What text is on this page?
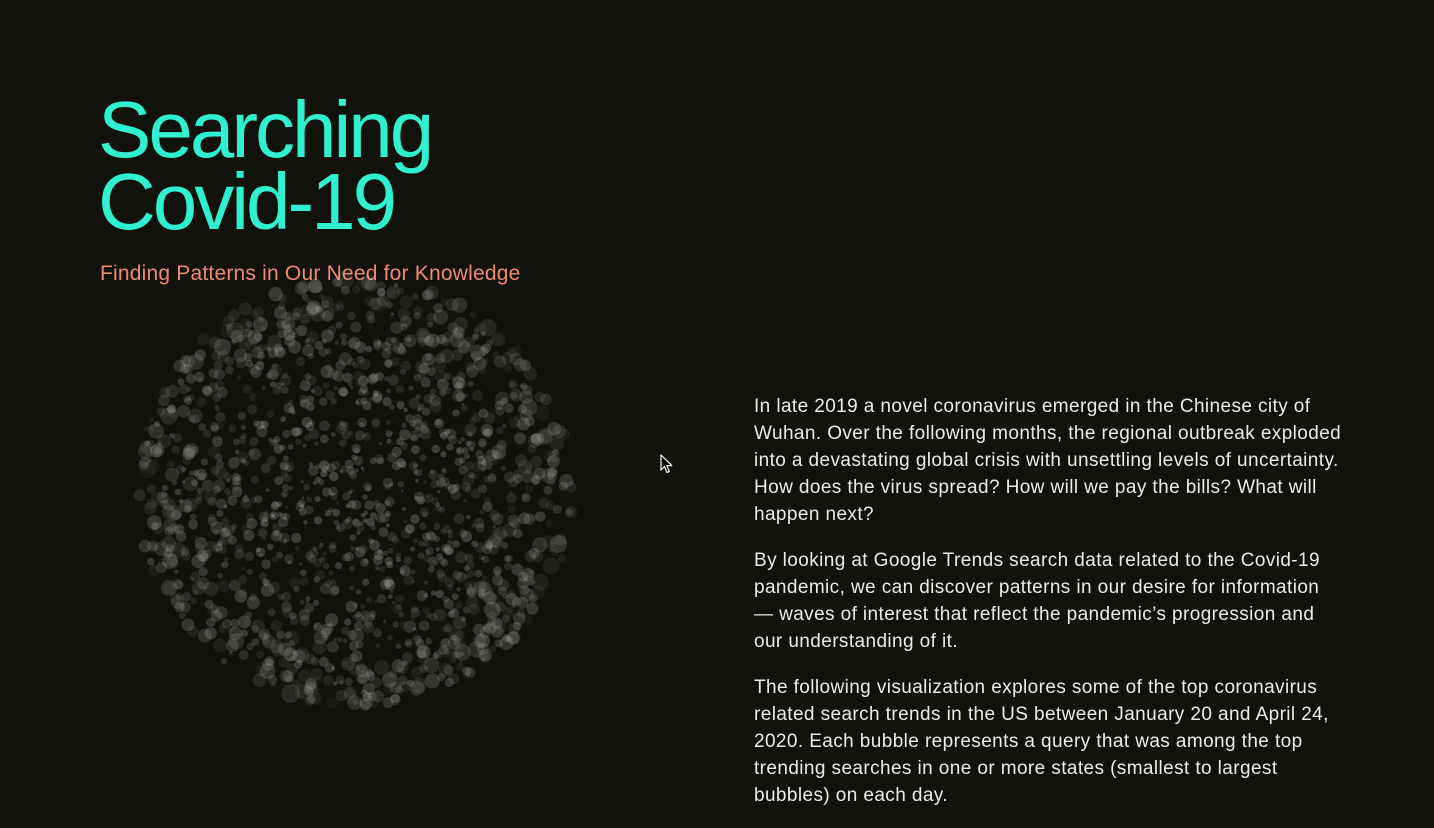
Searching
Covid-19
Finding Patterns in Our Need for Knowledge

In late 2019 a novel coronavirus emerged in the Chinese city of Wuhan. Over the following months, the regional outbreak exploded into a devastating global crisis with unsettling levels of uncertainty. How does the virus spread? How will we pay the bills? What will happen next?

By looking at Google Trends search data related to the Covid-19 pandemic, we can discover patterns in our desire for information — waves of interest that reflect the pandemic’s progression and our understanding of it.

The following visualization explores some of the top coronavirus related search trends in the US between January 20 and April 24, 2020. Each bubble represents a query that was among the top trending searches in one or more states (smallest to largest bubbles) on each day.
